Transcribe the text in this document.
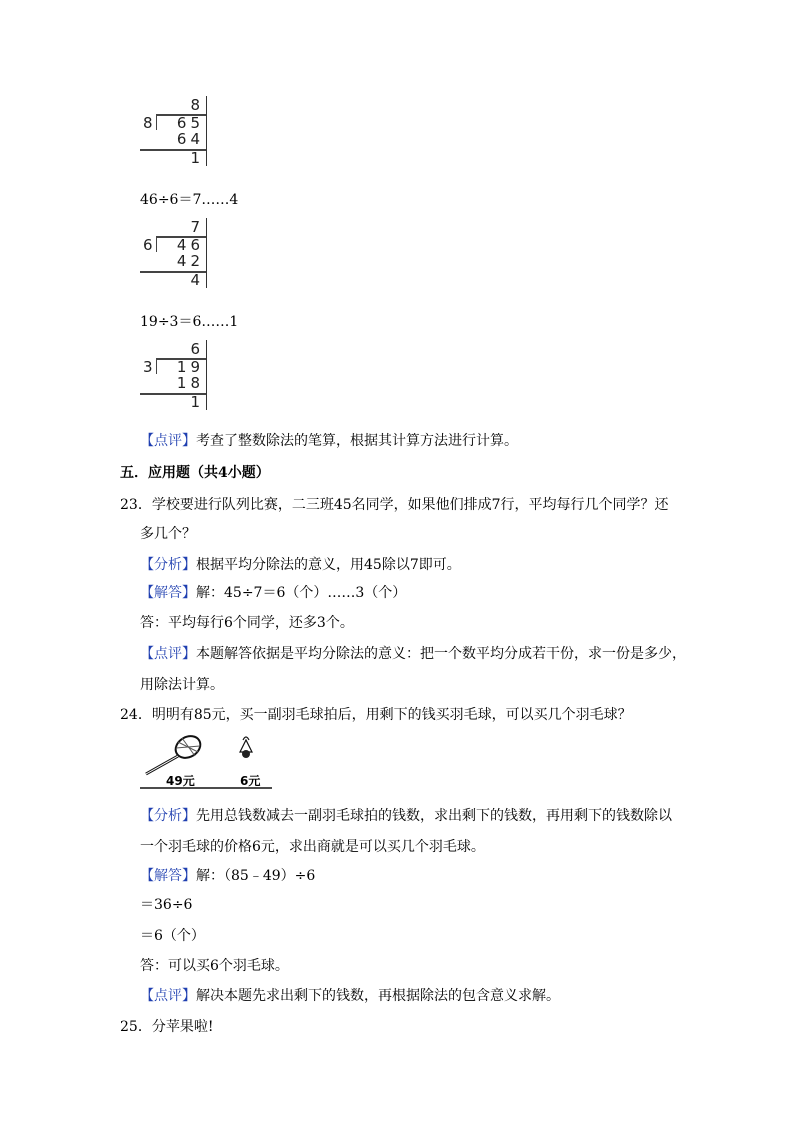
8
8 65
64
1
46÷6＝7……4
7
6 46
42
4
19÷3＝6……1
6
3 19
18
1
【点评】考查了整数除法的笔算，根据其计算方法进行计算。
五．应用题（共4小题）
23．学校要进行队列比赛，二三班45名同学，如果他们排成7行，平均每行几个同学？还
多几个？
【分析】根据平均分除法的意义，用45除以7即可。
【解答】解：45÷7＝6（个）……3（个）
答：平均每行6个同学，还多3个。
【点评】本题解答依据是平均分除法的意义：把一个数平均分成若干份，求一份是多少，
用除法计算。
24．明明有85元，买一副羽毛球拍后，用剩下的钱买羽毛球，可以买几个羽毛球？
49元	6元
【分析】先用总钱数减去一副羽毛球拍的钱数，求出剩下的钱数，再用剩下的钱数除以
一个羽毛球的价格6元，求出商就是可以买几个羽毛球。
【解答】解：（85﹣49）÷6
＝36÷6
＝6（个）
答：可以买6个羽毛球。
【点评】解决本题先求出剩下的钱数，再根据除法的包含意义求解。
25．分苹果啦!
